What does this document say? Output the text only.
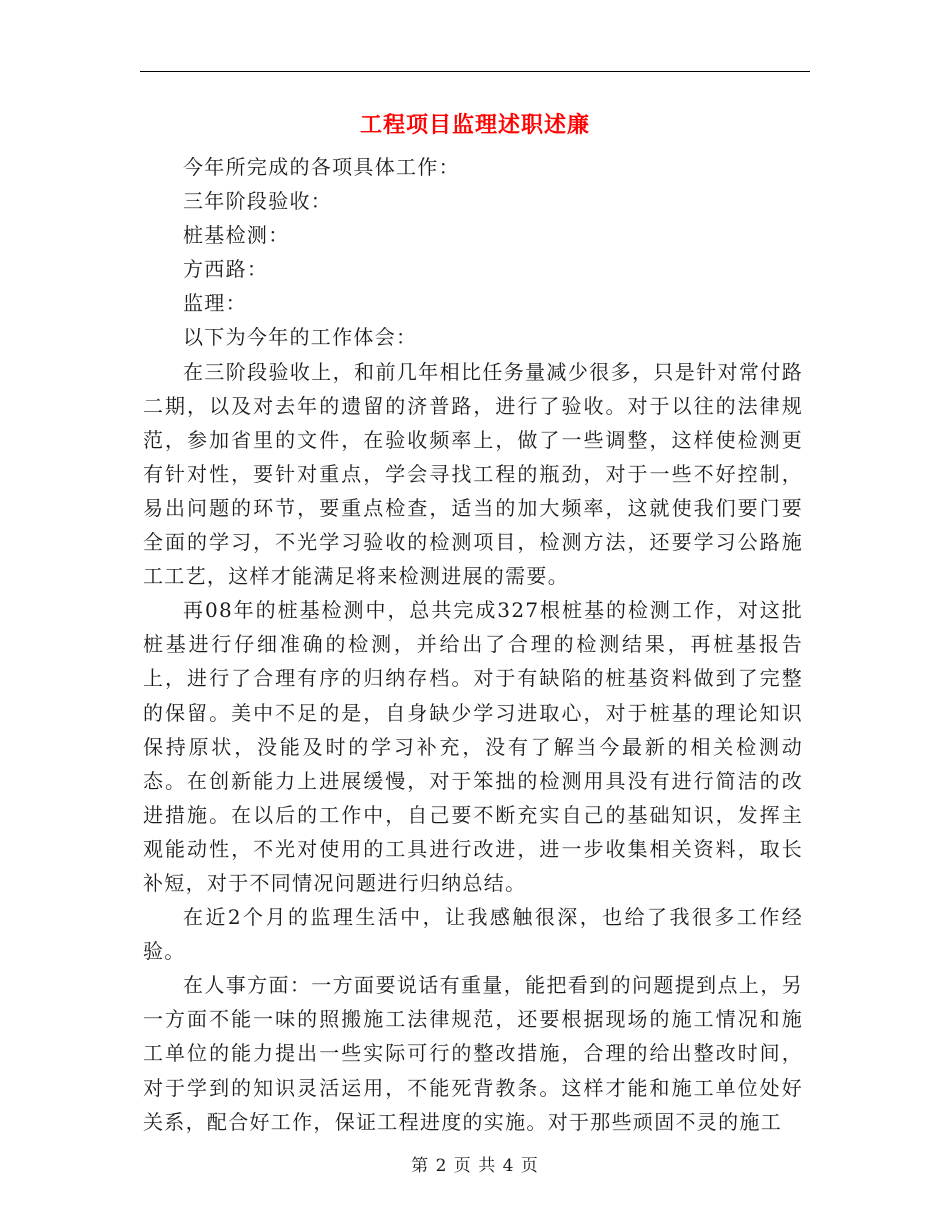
工程项目监理述职述廉

今年所完成的各项具体工作：

三年阶段验收：

桩基检测：

方西路：

监理：

以下为今年的工作体会：

在三阶段验收上，和前几年相比任务量减少很多，只是针对常付路二期，以及对去年的遗留的济普路，进行了验收。对于以往的法律规范，参加省里的文件，在验收频率上，做了一些调整，这样使检测更有针对性，要针对重点，学会寻找工程的瓶劲，对于一些不好控制，易出问题的环节，要重点检查，适当的加大频率，这就使我们要门要全面的学习，不光学习验收的检测项目，检测方法，还要学习公路施工工艺，这样才能满足将来检测进展的需要。

再08年的桩基检测中，总共完成327根桩基的检测工作，对这批桩基进行仔细准确的检测，并给出了合理的检测结果，再桩基报告上，进行了合理有序的归纳存档。对于有缺陷的桩基资料做到了完整的保留。美中不足的是，自身缺少学习进取心，对于桩基的理论知识保持原状，没能及时的学习补充，没有了解当今最新的相关检测动态。在创新能力上进展缓慢，对于笨拙的检测用具没有进行简洁的改进措施。在以后的工作中，自己要不断充实自己的基础知识，发挥主观能动性，不光对使用的工具进行改进，进一步收集相关资料，取长补短，对于不同情况问题进行归纳总结。

在近2个月的监理生活中，让我感触很深，也给了我很多工作经验。

在人事方面：一方面要说话有重量，能把看到的问题提到点上，另一方面不能一味的照搬施工法律规范，还要根据现场的施工情况和施工单位的能力提出一些实际可行的整改措施，合理的给出整改时间，对于学到的知识灵活运用，不能死背教条。这样才能和施工单位处好关系，配合好工作，保证工程进度的实施。对于那些顽固不灵的施工

第 2 页 共 4 页
